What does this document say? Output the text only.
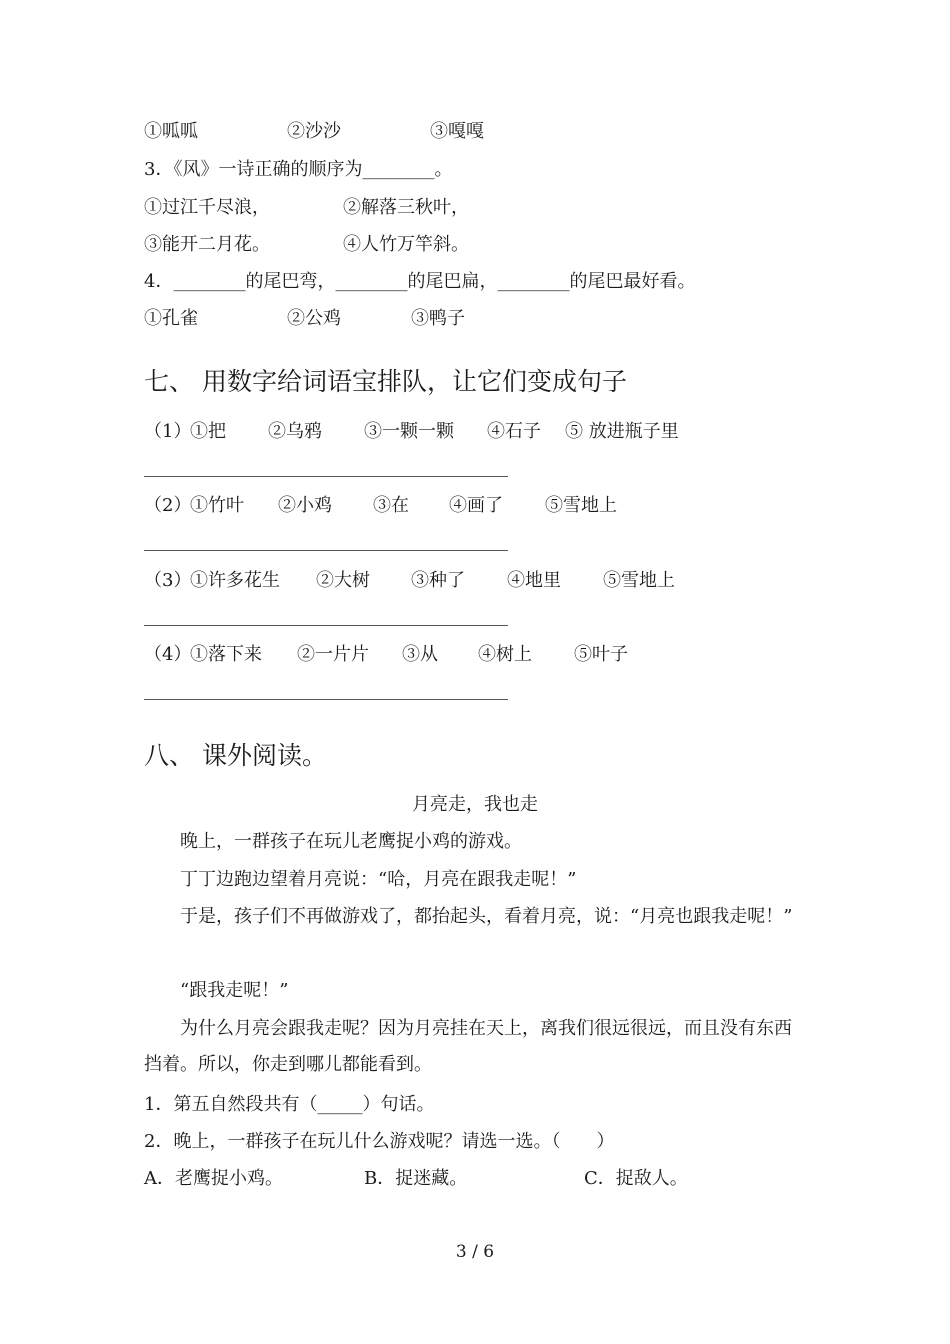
①呱呱	②沙沙	③嘎嘎
3．《风》一诗正确的顺序为________。
①过江千尽浪，	②解落三秋叶，
③能开二月花。	④人竹万竿斜。
4．________的尾巴弯，________的尾巴扁，________的尾巴最好看。
①孔雀	②公鸡	③鸭子
七、 用数字给词语宝排队，让它们变成句子
（1）
①把 ②乌鸦 ③一颗一颗 ④石子 ⑤ 放进瓶子里
（2）
①竹叶 ②小鸡 ③在 ④画了 ⑤雪地上
（3）
①许多花生 ②大树 ③种了 ④地里 ⑤雪地上
（4）
①落下来 ②一片片 ③从 ④树上 ⑤叶子
八、 课外阅读。
月亮走，我也走
晚上，一群孩子在玩儿老鹰捉小鸡的游戏。
丁丁边跑边望着月亮说：“哈，月亮在跟我走呢！”
于是，孩子们不再做游戏了，都抬起头，看着月亮，说：“月亮也跟我走呢！”
“跟我走呢！”
为什么月亮会跟我走呢？因为月亮挂在天上，离我们很远很远，而且没有东西挡着。所以，你走到哪儿都能看到。
1．第五自然段共有（_____）句话。
2．晚上，一群孩子在玩儿什么游戏呢？请选一选。（　　）
A．老鹰捉小鸡。	B．捉迷藏。	C．捉敌人。
3 / 6
